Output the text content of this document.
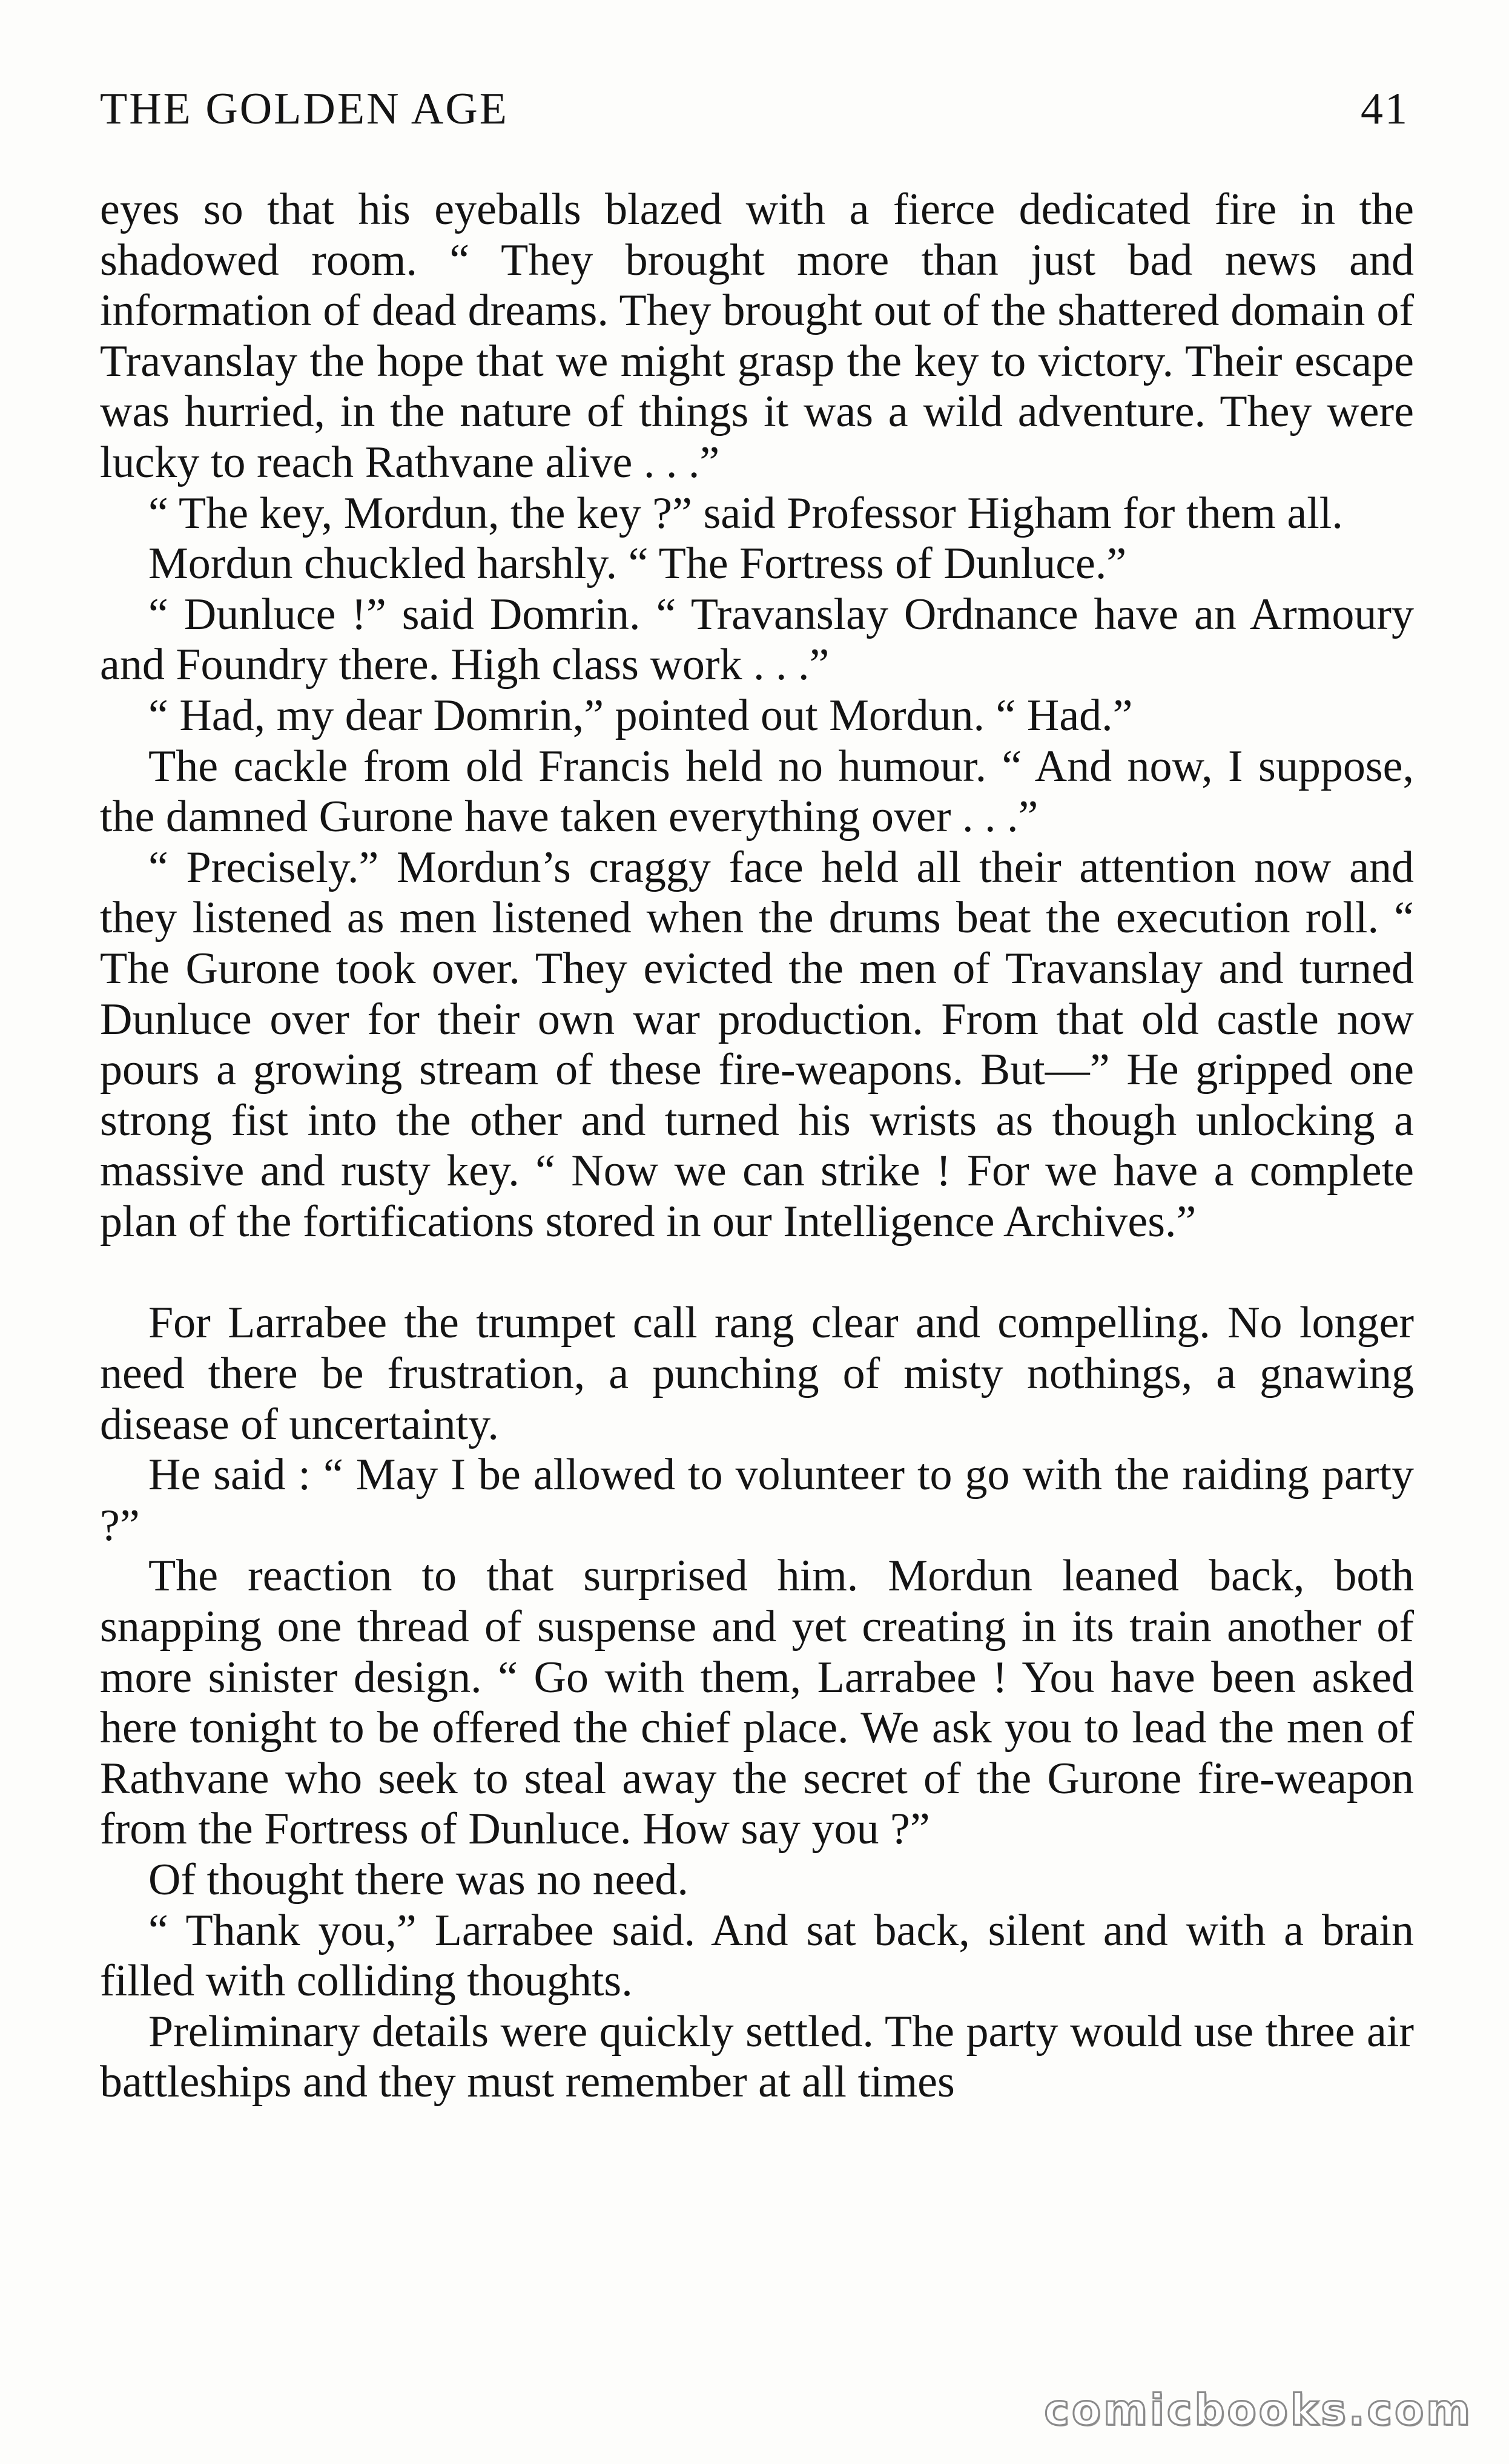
THE GOLDEN AGE	41

eyes so that his eyeballs blazed with a fierce dedicated fire in the shadowed room. “ They brought more than just bad news and information of dead dreams. They brought out of the shattered domain of Travanslay the hope that we might grasp the key to victory. Their escape was hurried, in the nature of things it was a wild adventure. They were lucky to reach Rathvane alive . . .”

“ The key, Mordun, the key ?” said Professor Higham for them all.

Mordun chuckled harshly. “ The Fortress of Dunluce.”

“ Dunluce !” said Domrin. “ Travanslay Ordnance have an Armoury and Foundry there. High class work . . .”

“ Had, my dear Domrin,” pointed out Mordun. “ Had.”

The cackle from old Francis held no humour. “ And now, I suppose, the damned Gurone have taken everything over . . .”

“ Precisely.” Mordun’s craggy face held all their attention now and they listened as men listened when the drums beat the execution roll. “ The Gurone took over. They evicted the men of Travanslay and turned Dunluce over for their own war production. From that old castle now pours a growing stream of these fire-weapons. But—” He gripped one strong fist into the other and turned his wrists as though unlocking a massive and rusty key. “ Now we can strike ! For we have a complete plan of the fortifications stored in our Intelligence Archives.”

For Larrabee the trumpet call rang clear and compelling. No longer need there be frustration, a punching of misty nothings, a gnawing disease of uncertainty.

He said : “ May I be allowed to volunteer to go with the raiding party ?”

The reaction to that surprised him. Mordun leaned back, both snapping one thread of suspense and yet creating in its train another of more sinister design. “ Go with them, Larrabee ! You have been asked here tonight to be offered the chief place. We ask you to lead the men of Rathvane who seek to steal away the secret of the Gurone fire-weapon from the Fortress of Dunluce. How say you ?”

Of thought there was no need.

“ Thank you,” Larrabee said. And sat back, silent and with a brain filled with colliding thoughts.

Preliminary details were quickly settled. The party would use three air battleships and they must remember at all times

comicbooks.com
